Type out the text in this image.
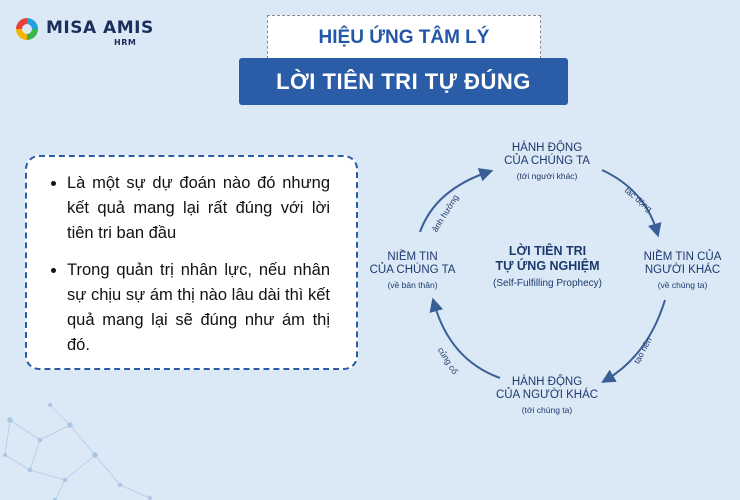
MISA AMIS
HRM	HIỆU ỨNG TÂM LÝ
LỜI TIÊN TRI TỰ ĐÚNG
• Là một sự dự đoán nào đó nhưng kết quả mang lại rất đúng với lời tiên tri ban đầu
• Trong quản trị nhân lực, nếu nhân sự chịu sự ám thị nào lâu dài thì kết quả mang lại sẽ đúng như ám thị đó.
HÀNH ĐỘNG
CỦA CHÚNG TA
(tới người khác)
NIỀM TIN CỦA
NGƯỜI KHÁC
(về chúng ta)
HÀNH ĐỘNG
CỦA NGƯỜI KHÁC
(tới chúng ta)
NIỀM TIN
CỦA CHÚNG TA
(về bản thân)
LỜI TIÊN TRI
TỰ ỨNG NGHIỆM
(Self-Fulfilling Prophecy)
tác động
tạo nên
củng cố
ảnh hưởng
